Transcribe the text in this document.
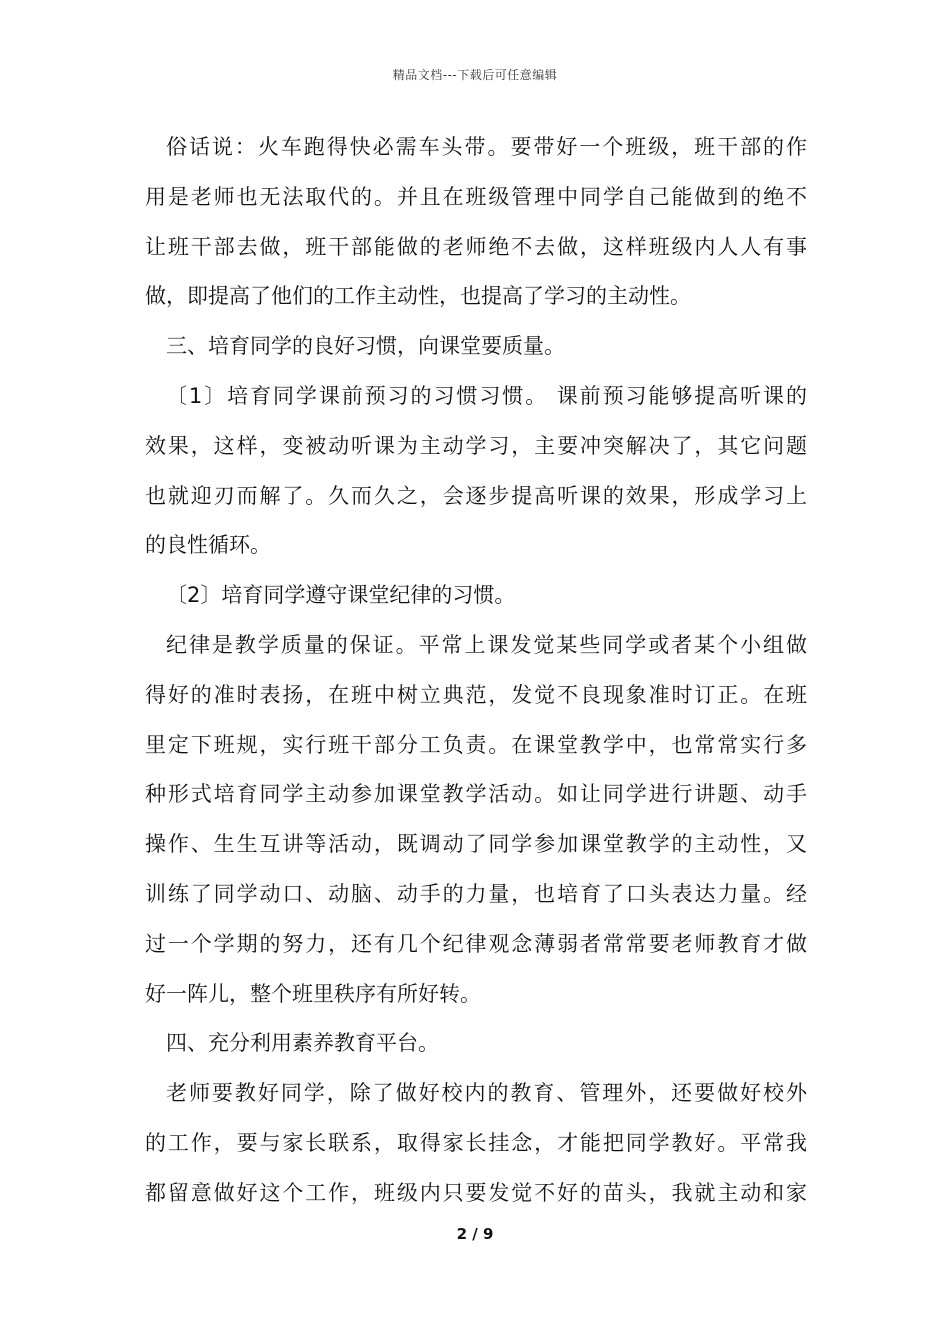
精品文档---下载后可任意编辑
俗话说：火车跑得快必需车头带。要带好一个班级，班干部的作
用是老师也无法取代的。并且在班级管理中同学自己能做到的绝不
让班干部去做，班干部能做的老师绝不去做，这样班级内人人有事
做，即提高了他们的工作主动性，也提高了学习的主动性。
三、培育同学的良好习惯，向课堂要质量。
〔1〕培育同学课前预习的习惯习惯。 课前预习能够提高听课的
效果，这样，变被动听课为主动学习，主要冲突解决了，其它问题
也就迎刃而解了。久而久之，会逐步提高听课的效果，形成学习上
的良性循环。
〔2〕培育同学遵守课堂纪律的习惯。
纪律是教学质量的保证。平常上课发觉某些同学或者某个小组做
得好的准时表扬，在班中树立典范，发觉不良现象准时订正。在班
里定下班规，实行班干部分工负责。在课堂教学中，也常常实行多
种形式培育同学主动参加课堂教学活动。如让同学进行讲题、动手
操作、生生互讲等活动，既调动了同学参加课堂教学的主动性，又
训练了同学动口、动脑、动手的力量，也培育了口头表达力量。经
过一个学期的努力，还有几个纪律观念薄弱者常常要老师教育才做
好一阵儿，整个班里秩序有所好转。
四、充分利用素养教育平台。
老师要教好同学，除了做好校内的教育、管理外，还要做好校外
的工作，要与家长联系，取得家长挂念，才能把同学教好。平常我
都留意做好这个工作，班级内只要发觉不好的苗头，我就主动和家
2 / 9
